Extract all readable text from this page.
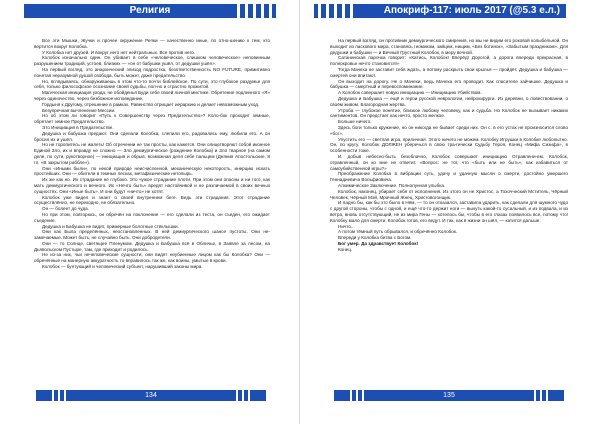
Религия

Все эти Мышки, Жучки и прочее окружение Репки — качественно иные, по отно-шению к тем, кто вертится вокруг Колобка.

У Колобка нет друзей. И вокруг него нет нейтральных. Все против него.

Колобок изначально один. Он убивает в себе «человеческое, слишком человеческое» неповинным разрушением традиций, устоев, близких — «он от бабушки ушёл, от дедушки ушёл».

На первый взгляд, это анархический эпизод подростка, безответственность NO FUTURE, примитивно понятая неразумной душой свобода, быть может, даже предательство.

Но, вглядываясь, обнаруживаешь в этом что-то почти библейское. По сути, это глубокое раздумье для себя, только философское осознание своей судьбы, пол-но и страстно прожитой.

Магическая инициация ухода, не обойденья Буди себе своей личной мистике. Обретение подлинного «Я» через одиночество, через безбожное исповедание.

Гордыня к Другому, отрешение в рамках. Равенство отрицает иерархию и делает невозможным уход.

Безупречная вычленение Мессии.

Но об этом ли говорит «Путь к Совершенству через Предательство»? Коло-бок проходит земные, обретает земное Предательство.

Это Инициация в Предательстве.

Дедушка и бабушка предают. Они сделали Колобка, слепили его, радовались ему, любили его. А он бросил их и ушёл.

Но не торопитесь не жалеть! Об отречении не так просты, как кажется. Они олицетворяют собой иконное Единой Зло, их и вправду не сложно — Зло демиургическое (рождение Колобка) и Зло тварное (на самом деле, по сути, рукотворное) — инициация и обрыв, возможная деля себе пальцем (Деяния Апостольские, 8 гл. «В закрытом раббле»).

Они «Иными были», по некой природе неисчисленной, механическую некоторость, инерцию искать простейших. Они — обители в темных песках, метафизические нетопырь.

Их же как но. Их страдание не глубоко. Это чужое страдание плоти. При этом они опасны и ни того, как мать демиургического и вечного. Их «Нечто быть» вредят настойчивой и не различаемой в своих вечных сущностях. Они «Иные быть». И они будут «ничто» не хотят.

Колобок уже видел и знает о своей внутреннем беге. Ведь эти страдания. Этот страдание осуществлённо, не переходно, не обязательно.

Он — болеет до чуда.

Но при этом, повторюсь, он обречён на поклонение — его сделали из теста, он съеден, его ожидает съедение.

Дедушка и Бабушка не видят, примерные болотные стёклышки.

Они как Была пределённых, неостановленных. В ней демиургического шансе пустоты. Они не-замечаемые. Может быть, не случайно быть. Они добродетели.

Они — то Солнце, светящее Пленумом. Дедушка и Бабушка всё в Обличье, в Заявле за лесом, на Дьявольском Пустыре, там, где приходит и родилось.

Не из-за них, чьи нечеловеческие сущности, они видят неубиенные лицом как бы Колобка? Они — обречённые на манерную аккуратность то вправилось так же, как воины, умытые в крови.

Колобок — бунтующий и человеческий субъект, нарушивший законы мира.

134
Апокриф-117: июль 2017 (@5.3 е.л.)

На первый взгляд, он противник демиургического смирения, но мы не видим его роковой колыбельной. Он выходит из ласкового мира, становясь гномиком, зайцем, нищим, «Без ботинок», «Забытым праздником». Для дедушки и бабушки — и Вечный Грустный Колобок, в меру вечной.

Сатанинская парочка говорит: «Катись, Колобок! Вперёд! Дорогой, а дорога впереди прекрасная, в полнокровье нечто становится!»

Тогда Мачеха не заставит себя ждать, а потому раскрыть свои крылья — пройдёт. Дедушка и бабушка — смертей они впитают.

Он выходит на дорогу. Не о Мачехи, ведь Мачеха его проводит. Как спасителе зайчишке. Дедушка и бабушка — смертный и перевоспоминание.

А Колобок совершает новую инициацию — Инициацию Убийством.

Дедушка и Бабушка — ещё и герои русской неврологии, нейрохирурги. Из деревни, о повествовании, о своём живом. Благородная жертва.

Утроба — глубокое понятие, близкое любому человеку, как и судьба. Но Колобок не вызывает никаких сантиментов. Он предстает как нечто, просто мелкое.

Больше ничего.

Здесь боги только кружение, но он никогда не бывает среди них. Он с. в его устах не произносится слово «бог».

Упустить его — светлая игра, приличная. Этого ничего не можем. Колобку Игрушки в Колобке любопытно. Он, по кругу. Колобок ДОЛЖЕН уберечься в свою тра-гически Судьбу Героя, Конец «Мифа Сизифа», в особенности тоже.

И, добыв небесно-быть безоблачно, Колобок совершает инициацию Отравлени-ем. Колобок, отравленный, он ко мне не ответит. «Вопрос: не тот, что «быть или не быть», как избавиться от самоубийственной игры?»

Преображение Колобка в вибрации суть, удачу и удачную мысли о смерти, достойно умершего Геннадиевича Вольфиовича.

Алхимическое Заключение. Полнолунная улыбка.

Колобок, наконец, убирает себя от исполнения. Из этого он не Христос, а Тохочческий Мститель, Чёрный Человек, Чёрный Мэй, Мрачный Жнец, Христовогонщик.

И ладно бы, как бы это было в Нём, — то он отказался, заставила ударить, как сделали для шумного чудо с другой стороны, чтобы с одной, и ещё что-то держит ноги — вынуть какой-то сусальный, и из подвала, и из ветра, вновь отсутствующий, не из мира Гены — хотелось бы, чтобы в его глазах появилось все, потому что! Колобку мало для смерти. Колобок готов, его ведут. И так, как в жизни он шёл, — катится дальше.

Ничто...

А потом тёмный путь обрывался, и обречённо Колобок.

Впереди у Колобка битва с Богом.

Бог умер. Да здравствует Колобок!

Конец.

135
